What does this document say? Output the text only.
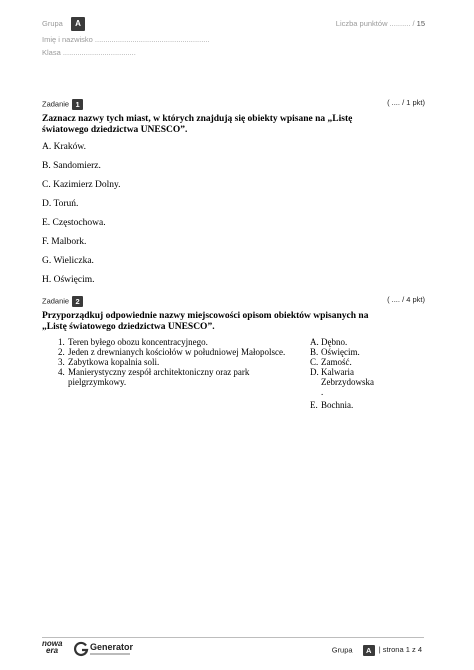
Grupa A	Liczba punktów .......... / 15
Imię i nazwisko .......................................................
Klasa ...................................
Zadanie 1	( .... / 1 pkt)
Zaznacz nazwy tych miast, w których znajdują się obiekty wpisane na „Listę
światowego dziedzictwa UNESCO”.
A. Kraków.
B. Sandomierz.
C. Kazimierz Dolny.
D. Toruń.
E. Częstochowa.
F. Malbork.
G. Wieliczka.
H. Oświęcim.
Zadanie 2	( .... / 4 pkt)
Przyporządkuj odpowiednie nazwy miejscowości opisom obiektów wpisanych na
„Listę światowego dziedzictwa UNESCO”.
1. Teren byłego obozu koncentracyjnego.
2. Jeden z drewnianych kościołów w południowej Małopolsce.
3. Zabytkowa kopalnia soli.
4. Manierystyczny zespół architektoniczny oraz park
pielgrzymkowy.
A. Dębno.
B. Oświęcim.
C. Zamość.
D. Kalwaria
Zebrzydowska
.
E. Bochnia.
nowa
era	Generator	Grupa A | strona 1 z 4
